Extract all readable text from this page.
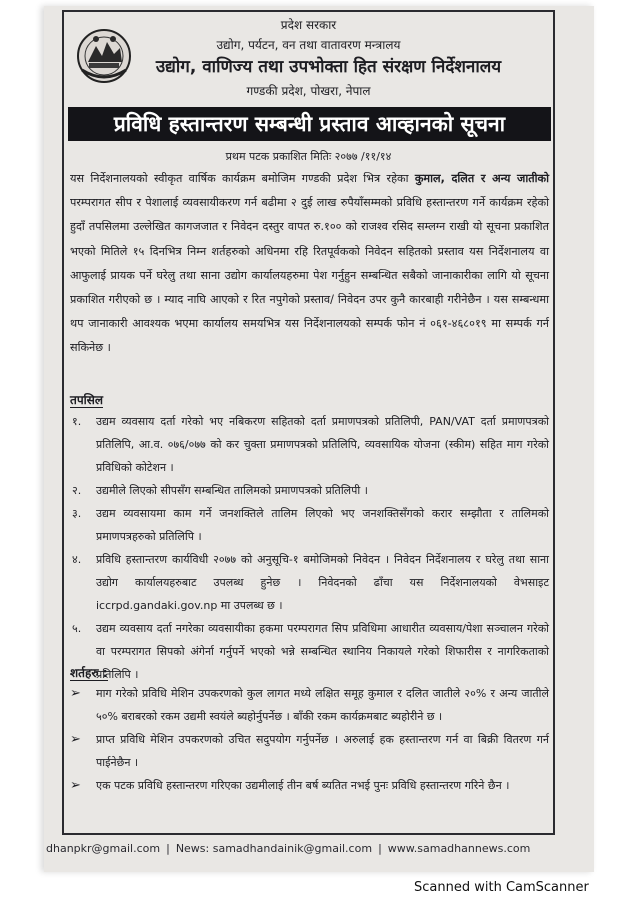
प्रदेश सरकार
उद्योग, पर्यटन, वन तथा वातावरण मन्त्रालय
उद्योग, वाणिज्य तथा उपभोक्ता हित संरक्षण निर्देशनालय
गण्डकी प्रदेश, पोखरा, नेपाल
प्रविधि हस्तान्तरण सम्बन्धी प्रस्ताव आव्हानको सूचना
प्रथम पटक प्रकाशित मितिः २०७७ /११/१४
यस निर्देशनालयको स्वीकृत वार्षिक कार्यक्रम बमोजिम गण्डकी प्रदेश भित्र रहेका कुमाल, दलित र अन्य जातीको परम्परागत सीप र पेशालाई व्यवसायीकरण गर्न बढीमा २ दुई लाख रुपैयाँसम्मको प्रविधि हस्तान्तरण गर्ने कार्यक्रम रहेको हुदाँ तपसिलमा उल्लेखित कागजजात र निवेदन दस्तुर वापत रु.१०० को राजश्व रसिद सम्लग्न राखी यो सूचना प्रकाशित भएको मितिले १५ दिनभित्र निम्न शर्तहरुको अधिनमा रहि रितपूर्वकको निवेदन सहितको प्रस्ताव यस निर्देशनालय वा आफुलाई प्रायक पर्ने घरेलु तथा साना उद्योग कार्यालयहरुमा पेश गर्नुहुन सम्बन्धित सबैको जानाकारीका लागि यो सूचना प्रकाशित गरीएको छ । म्याद नाघि आएको र रित नपुगेको प्रस्ताव/ निवेदन उपर कुनै कारबाही गरीनेछैन । यस सम्बन्धमा थप जानाकारी आवश्यक भएमा कार्यालय समयभित्र यस निर्देशनालयको सम्पर्क फोन नं ०६१-४६८०१९ मा सम्पर्क गर्न सकिनेछ ।
तपसिल
१. उद्यम व्यवसाय दर्ता गरेको भए नबिकरण सहितको दर्ता प्रमाणपत्रको प्रतिलिपी, PAN/VAT दर्ता प्रमाणपत्रको प्रतिलिपि, आ.व. ०७६/०७७ को कर चुक्ता प्रमाणपत्रको प्रतिलिपि, व्यवसायिक योजना (स्कीम) सहित माग गरेको प्रविधिको कोटेशन ।
२. उद्यमीले लिएको सीपसँग सम्बन्धित तालिमको प्रमाणपत्रको प्रतिलिपी ।
३. उद्यम व्यवसायमा काम गर्ने जनशक्तिले तालिम लिएको भए जनशक्तिसँगको करार सम्झौता र तालिमको प्रमाणपत्रहरुको प्रतिलिपि ।
४. प्रविधि हस्तान्तरण कार्यविधी २०७७ को अनुसूचि-१ बमोजिमको निवेदन । निवेदन निर्देशनालय र घरेलु तथा साना उद्योग कार्यालयहरुबाट उपलब्ध हुनेछ । निवेदनको ढाँचा यस निर्देशनालयको वेभसाइट iccrpd.gandaki.gov.np मा उपलब्ध छ ।
५. उद्यम व्यवसाय दर्ता नगरेका व्यवसायीका हकमा परम्परागत सिप प्रविधिमा आधारीत व्यवसाय/पेशा सञ्चालन गरेको वा परम्परागत सिपको अंगेर्ना गर्नुपर्ने भएको भन्ने सम्बन्धित स्थानिय निकायले गरेको शिफारीस र नागरिकताको प्रतिलिपि ।
शर्तहरु :
➢ माग गरेको प्रविधि मेशिन उपकरणको कुल लागत मध्ये लक्षित समूह कुमाल र दलित जातीले २०% र अन्य जातीले ५०% बराबरको रकम उद्यमी स्वयंले ब्यहोर्नुपर्नेछ । बाँकी रकम कार्यक्रमबाट ब्यहोरीने छ ।
➢ प्राप्त प्रविधि मेशिन उपकरणको उचित सदुपयोग गर्नुपर्नेछ । अरुलाई हक हस्तान्तरण गर्न वा बिक्री वितरण गर्न पाईनेछैन ।
➢ एक पटक प्रविधि हस्तान्तरण गरिएका उद्यमीलाई तीन बर्ष ब्यतित नभई पुनः प्रविधि हस्तान्तरण गरिने छैन ।
dhanpkr@gmail.com | News: samadhandainik@gmail.com | www.samadhannews.com
Scanned with CamScanner
